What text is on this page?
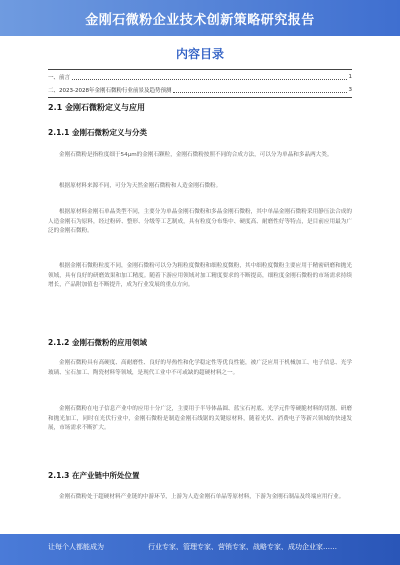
金刚石微粉企业技术创新策略研究报告
内容目录
一、前言	1
二、2023-2028年金刚石微粉行业前景及趋势预测	3
2.1 金刚石微粉定义与应用
2.1.1 金刚石微粉定义与分类
金刚石微粉是指粒度细于54μm的金刚石颗粒，金刚石微粉按照不同的合成方法，可以分为单晶和多晶两大类。
根据原材料来源不同，可分为天然金刚石微粉和人造金刚石微粉。
根据原材料金刚石单晶类型不同，主要分为单晶金刚石微粉和多晶金刚石微粉，其中单晶金刚石微粉采用静压法合成的人造金刚石为原料，经过粉碎、整形、分级等工艺制成，具有粒度分布集中、硬度高、耐磨性好等特点，是目前应用最为广泛的金刚石微粉。
根据金刚石微粉粒度不同，金刚石微粉可以分为粗粒度微粉和细粒度微粉，其中细粒度微粉主要应用于精密研磨和抛光领域，具有良好的研磨效果和加工精度。随着下游应用领域对加工精度要求的不断提高，细粒度金刚石微粉的市场需求持续增长，产品附加值也不断提升，成为行业发展的重点方向。
2.1.2 金刚石微粉的应用领域
金刚石微粉具有高硬度、高耐磨性、良好的导热性和化学稳定性等优良性能，被广泛应用于机械加工、电子信息、光学玻璃、宝石加工、陶瓷材料等领域，是现代工业中不可或缺的超硬材料之一。
金刚石微粉在电子信息产业中的应用十分广泛，主要用于半导体晶圆、蓝宝石衬底、光学元件等硬脆材料的切割、研磨和抛光加工，同时在光伏行业中，金刚石微粉是制造金刚石线锯的关键原材料，随着光伏、消费电子等新兴领域的快速发展，市场需求不断扩大。
2.1.3 在产业链中所处位置
金刚石微粉处于超硬材料产业链的中游环节，上游为人造金刚石单晶等原材料，下游为金刚石制品及终端应用行业。
让每个人都能成为	行业专家、管理专家、营销专家、战略专家、成功企业家……
